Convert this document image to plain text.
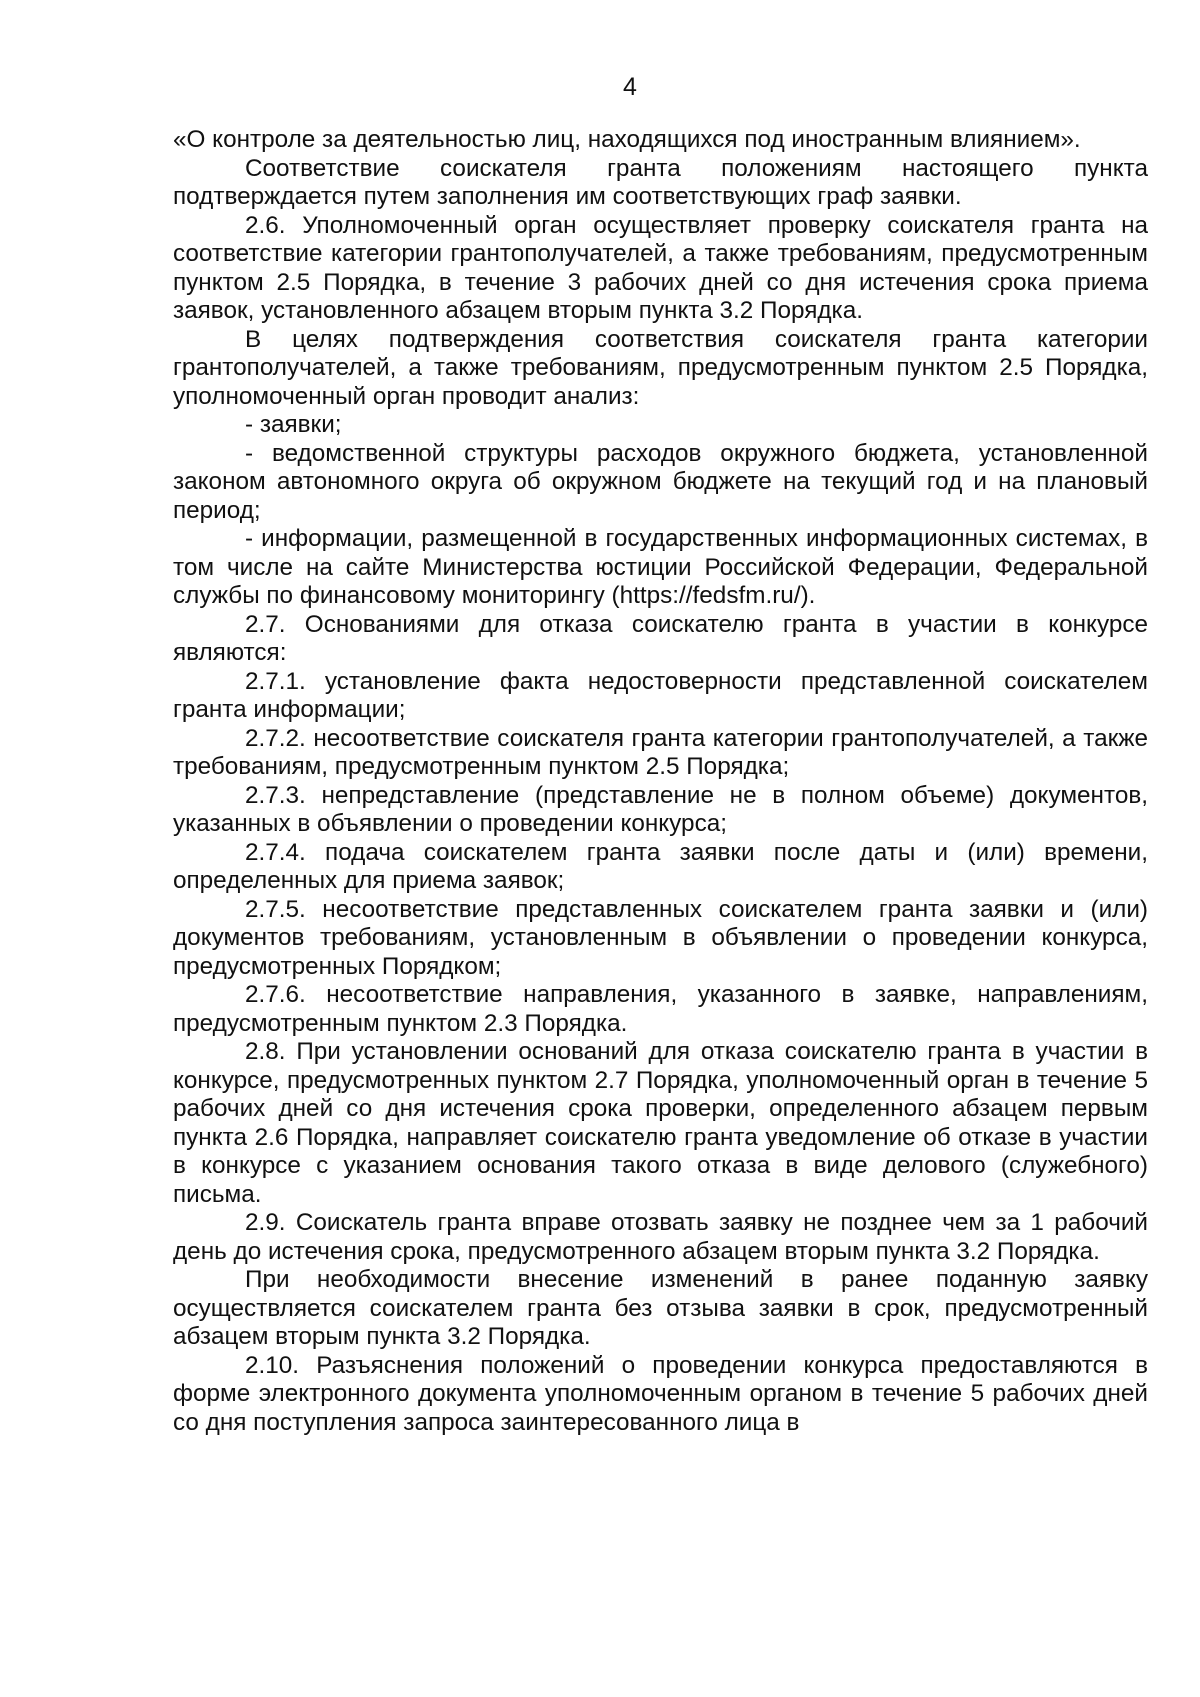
4

«О контроле за деятельностью лиц, находящихся под иностранным влиянием».

Соответствие соискателя гранта положениям настоящего пункта подтверждается путем заполнения им соответствующих граф заявки.

2.6. Уполномоченный орган осуществляет проверку соискателя гранта на соответствие категории грантополучателей, а также требованиям, предусмотренным пунктом 2.5 Порядка, в течение 3 рабочих дней со дня истечения срока приема заявок, установленного абзацем вторым пункта 3.2 Порядка.

В целях подтверждения соответствия соискателя гранта категории грантополучателей, а также требованиям, предусмотренным пунктом 2.5 Порядка, уполномоченный орган проводит анализ:

- заявки;

- ведомственной структуры расходов окружного бюджета, установленной законом автономного округа об окружном бюджете на текущий год и на плановый период;

- информации, размещенной в государственных информационных системах, в том числе на сайте Министерства юстиции Российской Федерации, Федеральной службы по финансовому мониторингу (https://fedsfm.ru/).

2.7. Основаниями для отказа соискателю гранта в участии в конкурсе являются:

2.7.1. установление факта недостоверности представленной соискателем гранта информации;

2.7.2. несоответствие соискателя гранта категории грантополучателей, а также требованиям, предусмотренным пунктом 2.5 Порядка;

2.7.3. непредставление (представление не в полном объеме) документов, указанных в объявлении о проведении конкурса;

2.7.4. подача соискателем гранта заявки после даты и (или) времени, определенных для приема заявок;

2.7.5. несоответствие представленных соискателем гранта заявки и (или) документов требованиям, установленным в объявлении о проведении конкурса, предусмотренных Порядком;

2.7.6. несоответствие направления, указанного в заявке, направлениям, предусмотренным пунктом 2.3 Порядка.

2.8. При установлении оснований для отказа соискателю гранта в участии в конкурсе, предусмотренных пунктом 2.7 Порядка, уполномоченный орган в течение 5 рабочих дней со дня истечения срока проверки, определенного абзацем первым пункта 2.6 Порядка, направляет соискателю гранта уведомление об отказе в участии в конкурсе с указанием основания такого отказа в виде делового (служебного) письма.

2.9. Соискатель гранта вправе отозвать заявку не позднее чем за 1 рабочий день до истечения срока, предусмотренного абзацем вторым пункта 3.2 Порядка.

При необходимости внесение изменений в ранее поданную заявку осуществляется соискателем гранта без отзыва заявки в срок, предусмотренный абзацем вторым пункта 3.2 Порядка.

2.10. Разъяснения положений о проведении конкурса предоставляются в форме электронного документа уполномоченным органом в течение 5 рабочих дней со дня поступления запроса заинтересованного лица в
